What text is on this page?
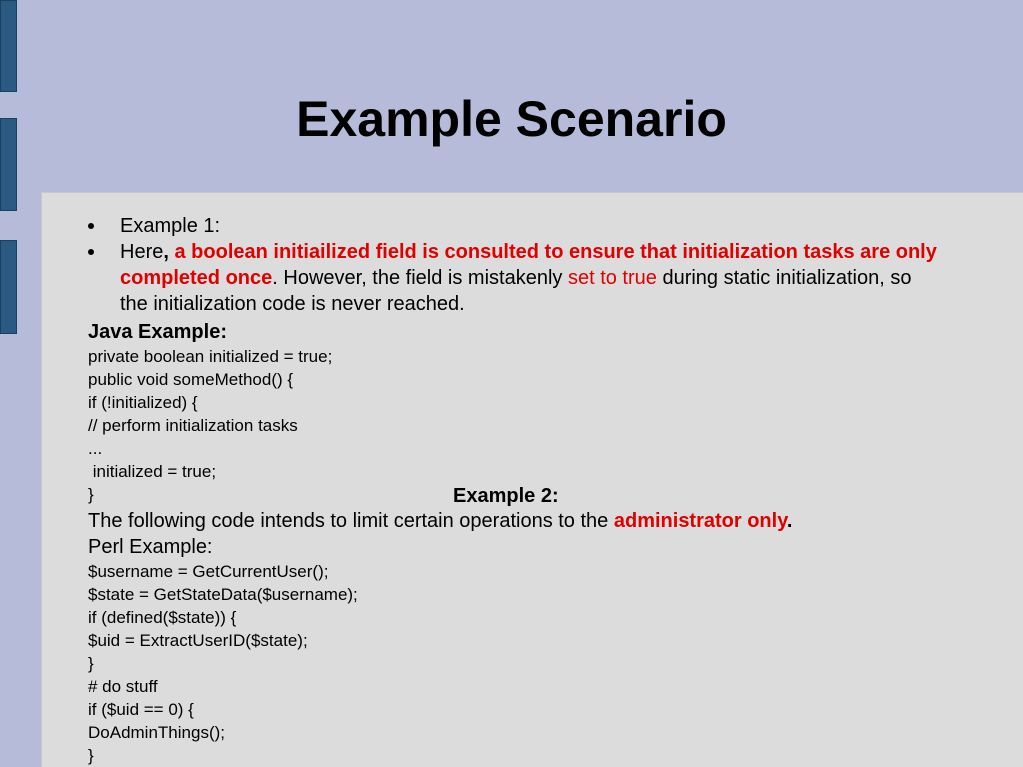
Example Scenario
Example 1:
Here, a boolean initiailized field is consulted to ensure that initialization tasks are only completed once. However, the field is mistakenly set to true during static initialization, so the initialization code is never reached.
Java Example:
private boolean initialized = true;
public void someMethod() {
if (!initialized) {
// perform initialization tasks
...
initialized = true;
}	Example 2:
The following code intends to limit certain operations to the administrator only.
Perl Example:
$username = GetCurrentUser();
$state = GetStateData($username);
if (defined($state)) {
$uid = ExtractUserID($state);
}
# do stuff
if ($uid == 0) {
DoAdminThings();
}
